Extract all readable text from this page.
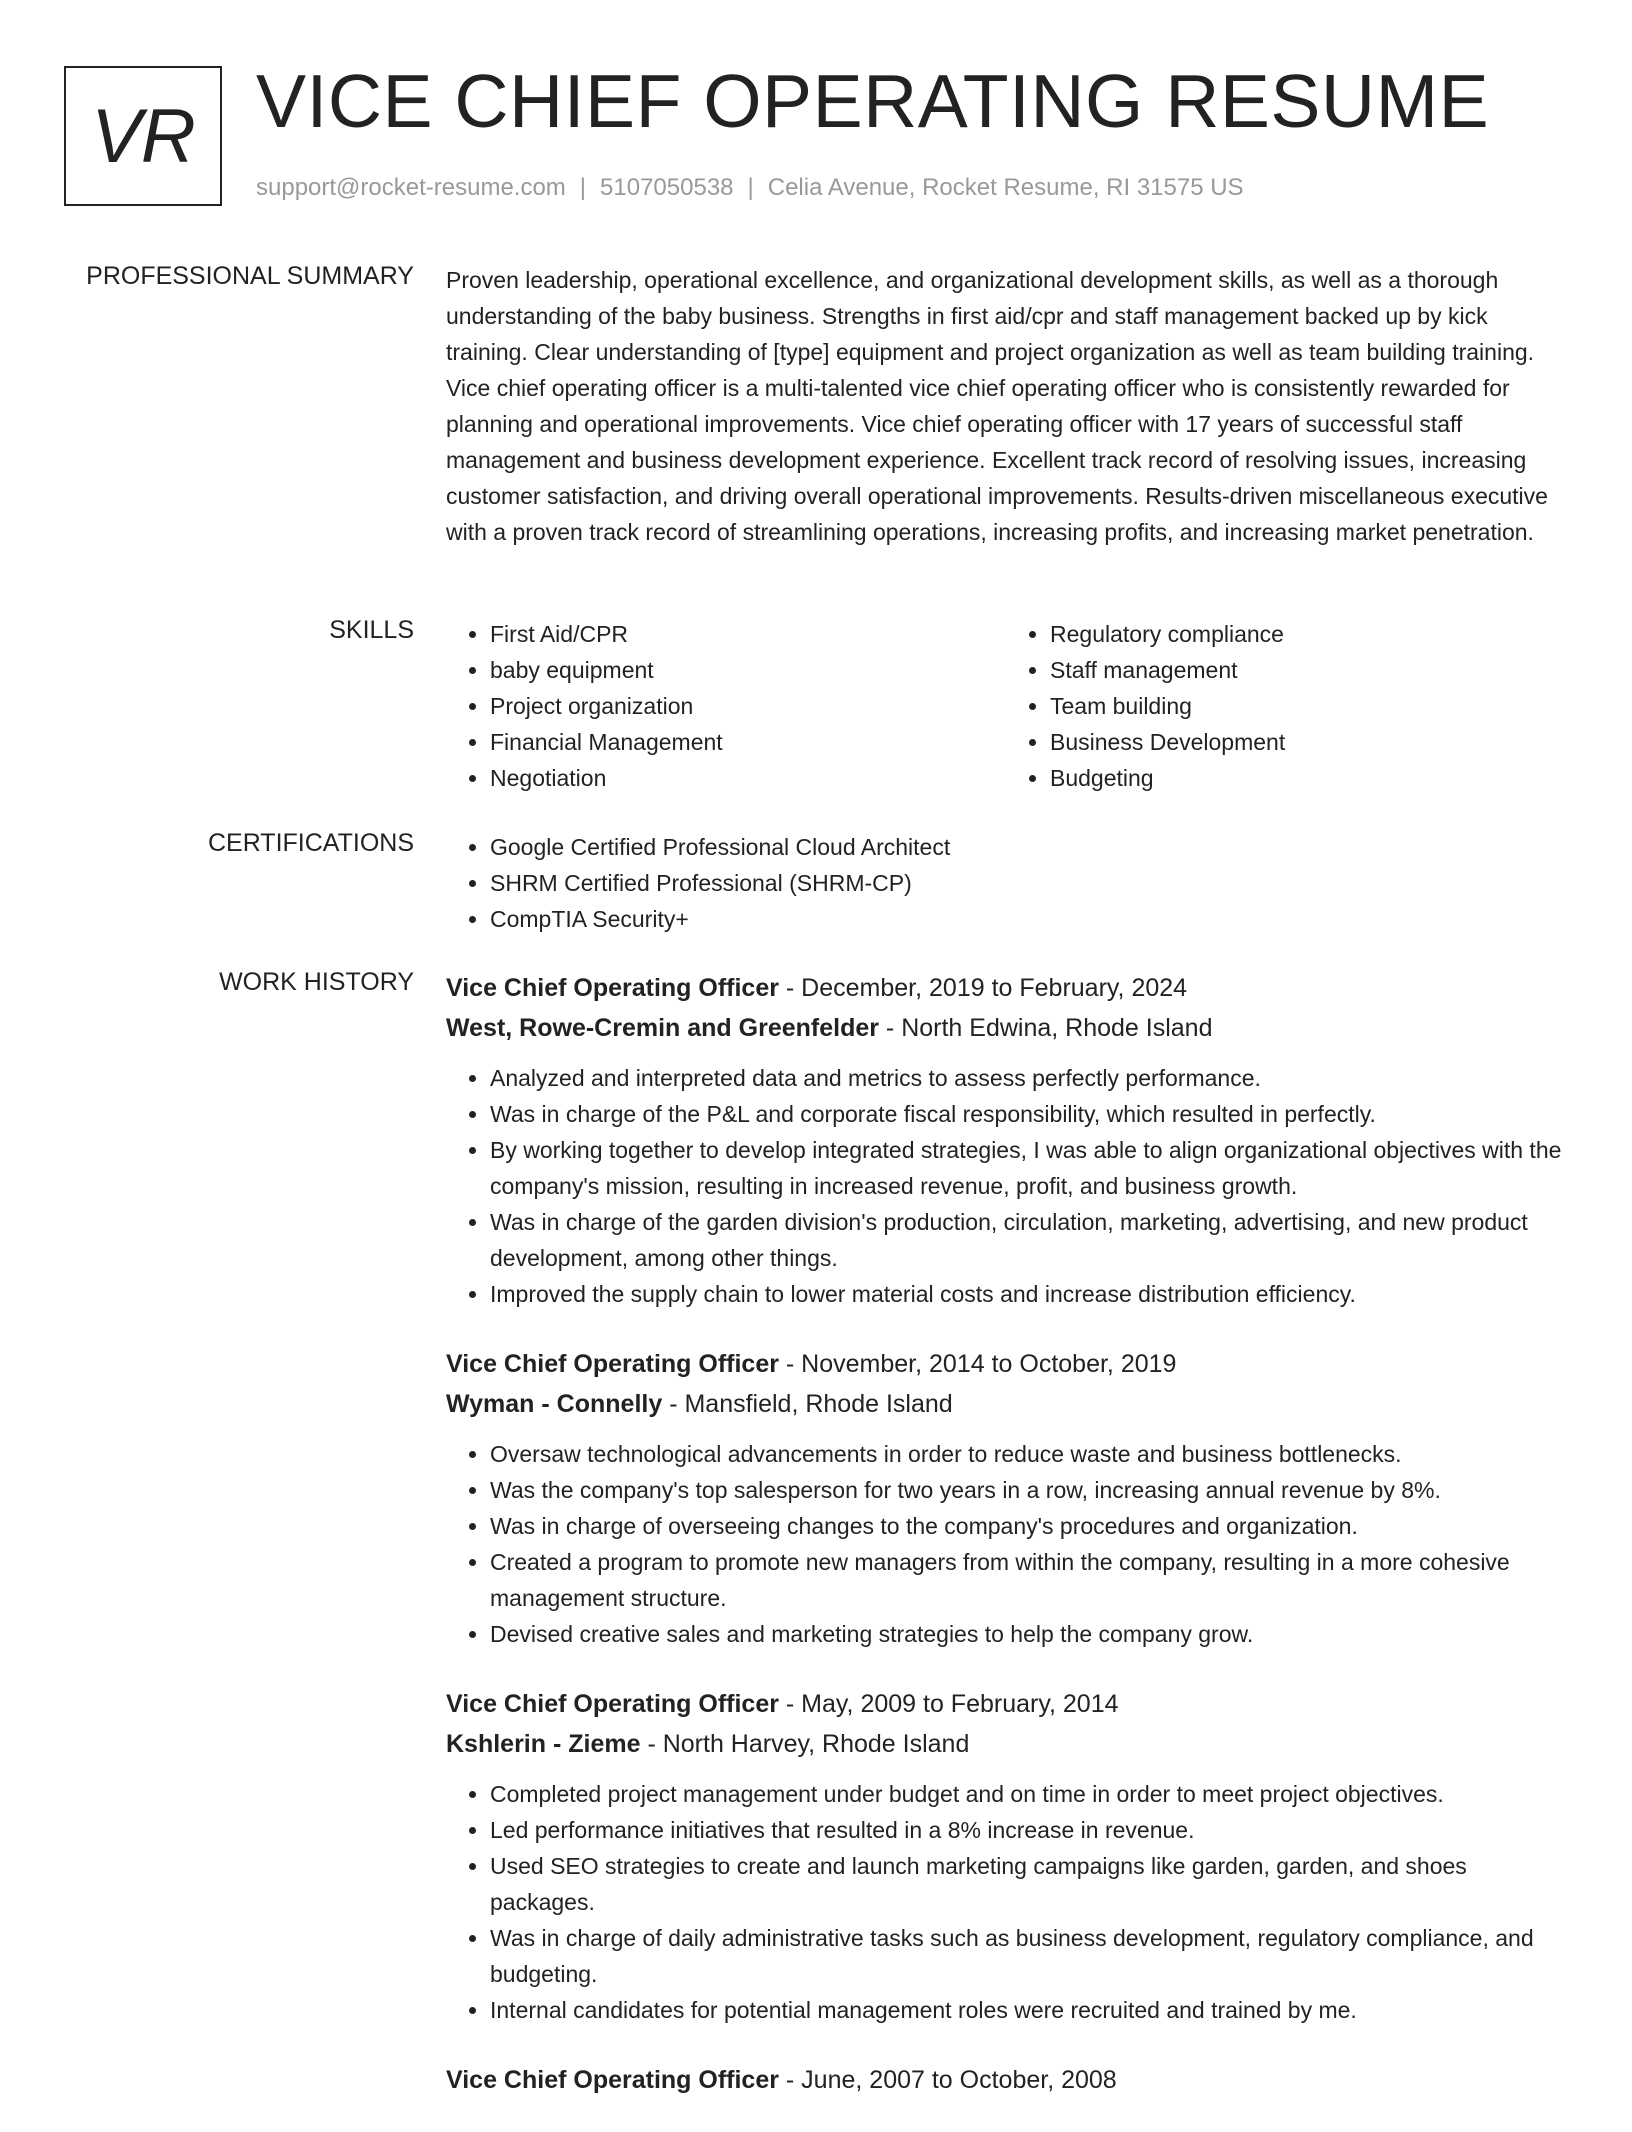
VR VICE CHIEF OPERATING RESUME
support@rocket-resume.com | 5107050538 | Celia Avenue, Rocket Resume, RI 31575 US
PROFESSIONAL SUMMARY Proven leadership, operational excellence, and organizational development skills, as well as a thorough understanding of the baby business. Strengths in first aid/cpr and staff management backed up by kick training. Clear understanding of [type] equipment and project organization as well as team building training. Vice chief operating officer is a multi-talented vice chief operating officer who is consistently rewarded for planning and operational improvements. Vice chief operating officer with 17 years of successful staff management and business development experience. Excellent track record of resolving issues, increasing customer satisfaction, and driving overall operational improvements. Results-driven miscellaneous executive with a proven track record of streamlining operations, increasing profits, and increasing market penetration.

SKILLS	• First Aid/CPR
• baby equipment
• Project organization
• Financial Management
• Negotiation
• Regulatory compliance
• Staff management
• Team building
• Business Development
• Budgeting
CERTIFICATIONS	• Google Certified Professional Cloud Architect
• SHRM Certified Professional (SHRM-CP)
• CompTIA Security+
WORK HISTORY Vice Chief Operating Officer - December, 2019 to February, 2024
West, Rowe-Cremin and Greenfelder - North Edwina, Rhode Island
• Analyzed and interpreted data and metrics to assess perfectly performance.
• Was in charge of the P&L and corporate fiscal responsibility, which resulted in perfectly.
• By working together to develop integrated strategies, I was able to align organizational objectives with the company's mission, resulting in increased revenue, profit, and business growth.
• Was in charge of the garden division's production, circulation, marketing, advertising, and new product development, among other things.
• Improved the supply chain to lower material costs and increase distribution efficiency.
Vice Chief Operating Officer - November, 2014 to October, 2019
Wyman - Connelly - Mansfield, Rhode Island
• Oversaw technological advancements in order to reduce waste and business bottlenecks.
• Was the company's top salesperson for two years in a row, increasing annual revenue by 8%.
• Was in charge of overseeing changes to the company's procedures and organization.
• Created a program to promote new managers from within the company, resulting in a more cohesive management structure.
• Devised creative sales and marketing strategies to help the company grow.
Vice Chief Operating Officer - May, 2009 to February, 2014
Kshlerin - Zieme - North Harvey, Rhode Island
• Completed project management under budget and on time in order to meet project objectives.
• Led performance initiatives that resulted in a 8% increase in revenue.
• Used SEO strategies to create and launch marketing campaigns like garden, garden, and shoes packages.
• Was in charge of daily administrative tasks such as business development, regulatory compliance, and budgeting.
• Internal candidates for potential management roles were recruited and trained by me.
Vice Chief Operating Officer - June, 2007 to October, 2008
